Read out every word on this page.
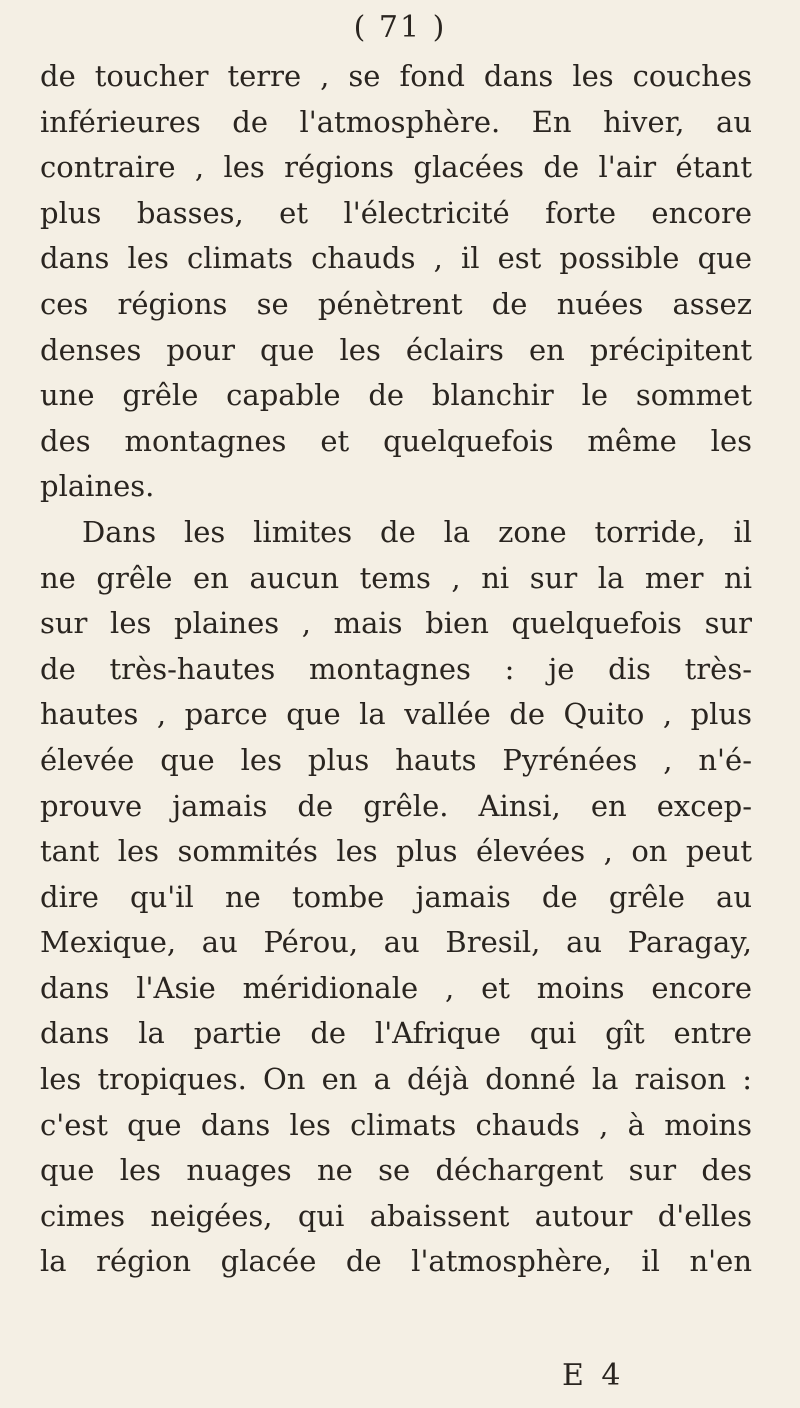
( 71 )
de toucher terre , se fond dans les couches
inférieures de l'atmosphère. En hiver, au
contraire , les régions glacées de l'air étant
plus basses, et l'électricité forte encore
dans les climats chauds , il est possible que
ces régions se pénètrent de nuées assez
denses pour que les éclairs en précipitent
une grêle capable de blanchir le sommet
des montagnes et quelquefois même les
plaines.
Dans les limites de la zone torride, il
ne grêle en aucun tems , ni sur la mer ni
sur les plaines , mais bien quelquefois sur
de très-hautes montagnes : je dis très-
hautes , parce que la vallée de Quito , plus
élevée que les plus hauts Pyrénées , n'é-
prouve jamais de grêle. Ainsi, en excep-
tant les sommités les plus élevées , on peut
dire qu'il ne tombe jamais de grêle au
Mexique, au Pérou, au Bresil, au Paragay,
dans l'Asie méridionale , et moins encore
dans la partie de l'Afrique qui gît entre
les tropiques. On en a déjà donné la raison :
c'est que dans les climats chauds , à moins
que les nuages ne se déchargent sur des
cimes neigées, qui abaissent autour d'elles
la région glacée de l'atmosphère, il n'en
E 4
